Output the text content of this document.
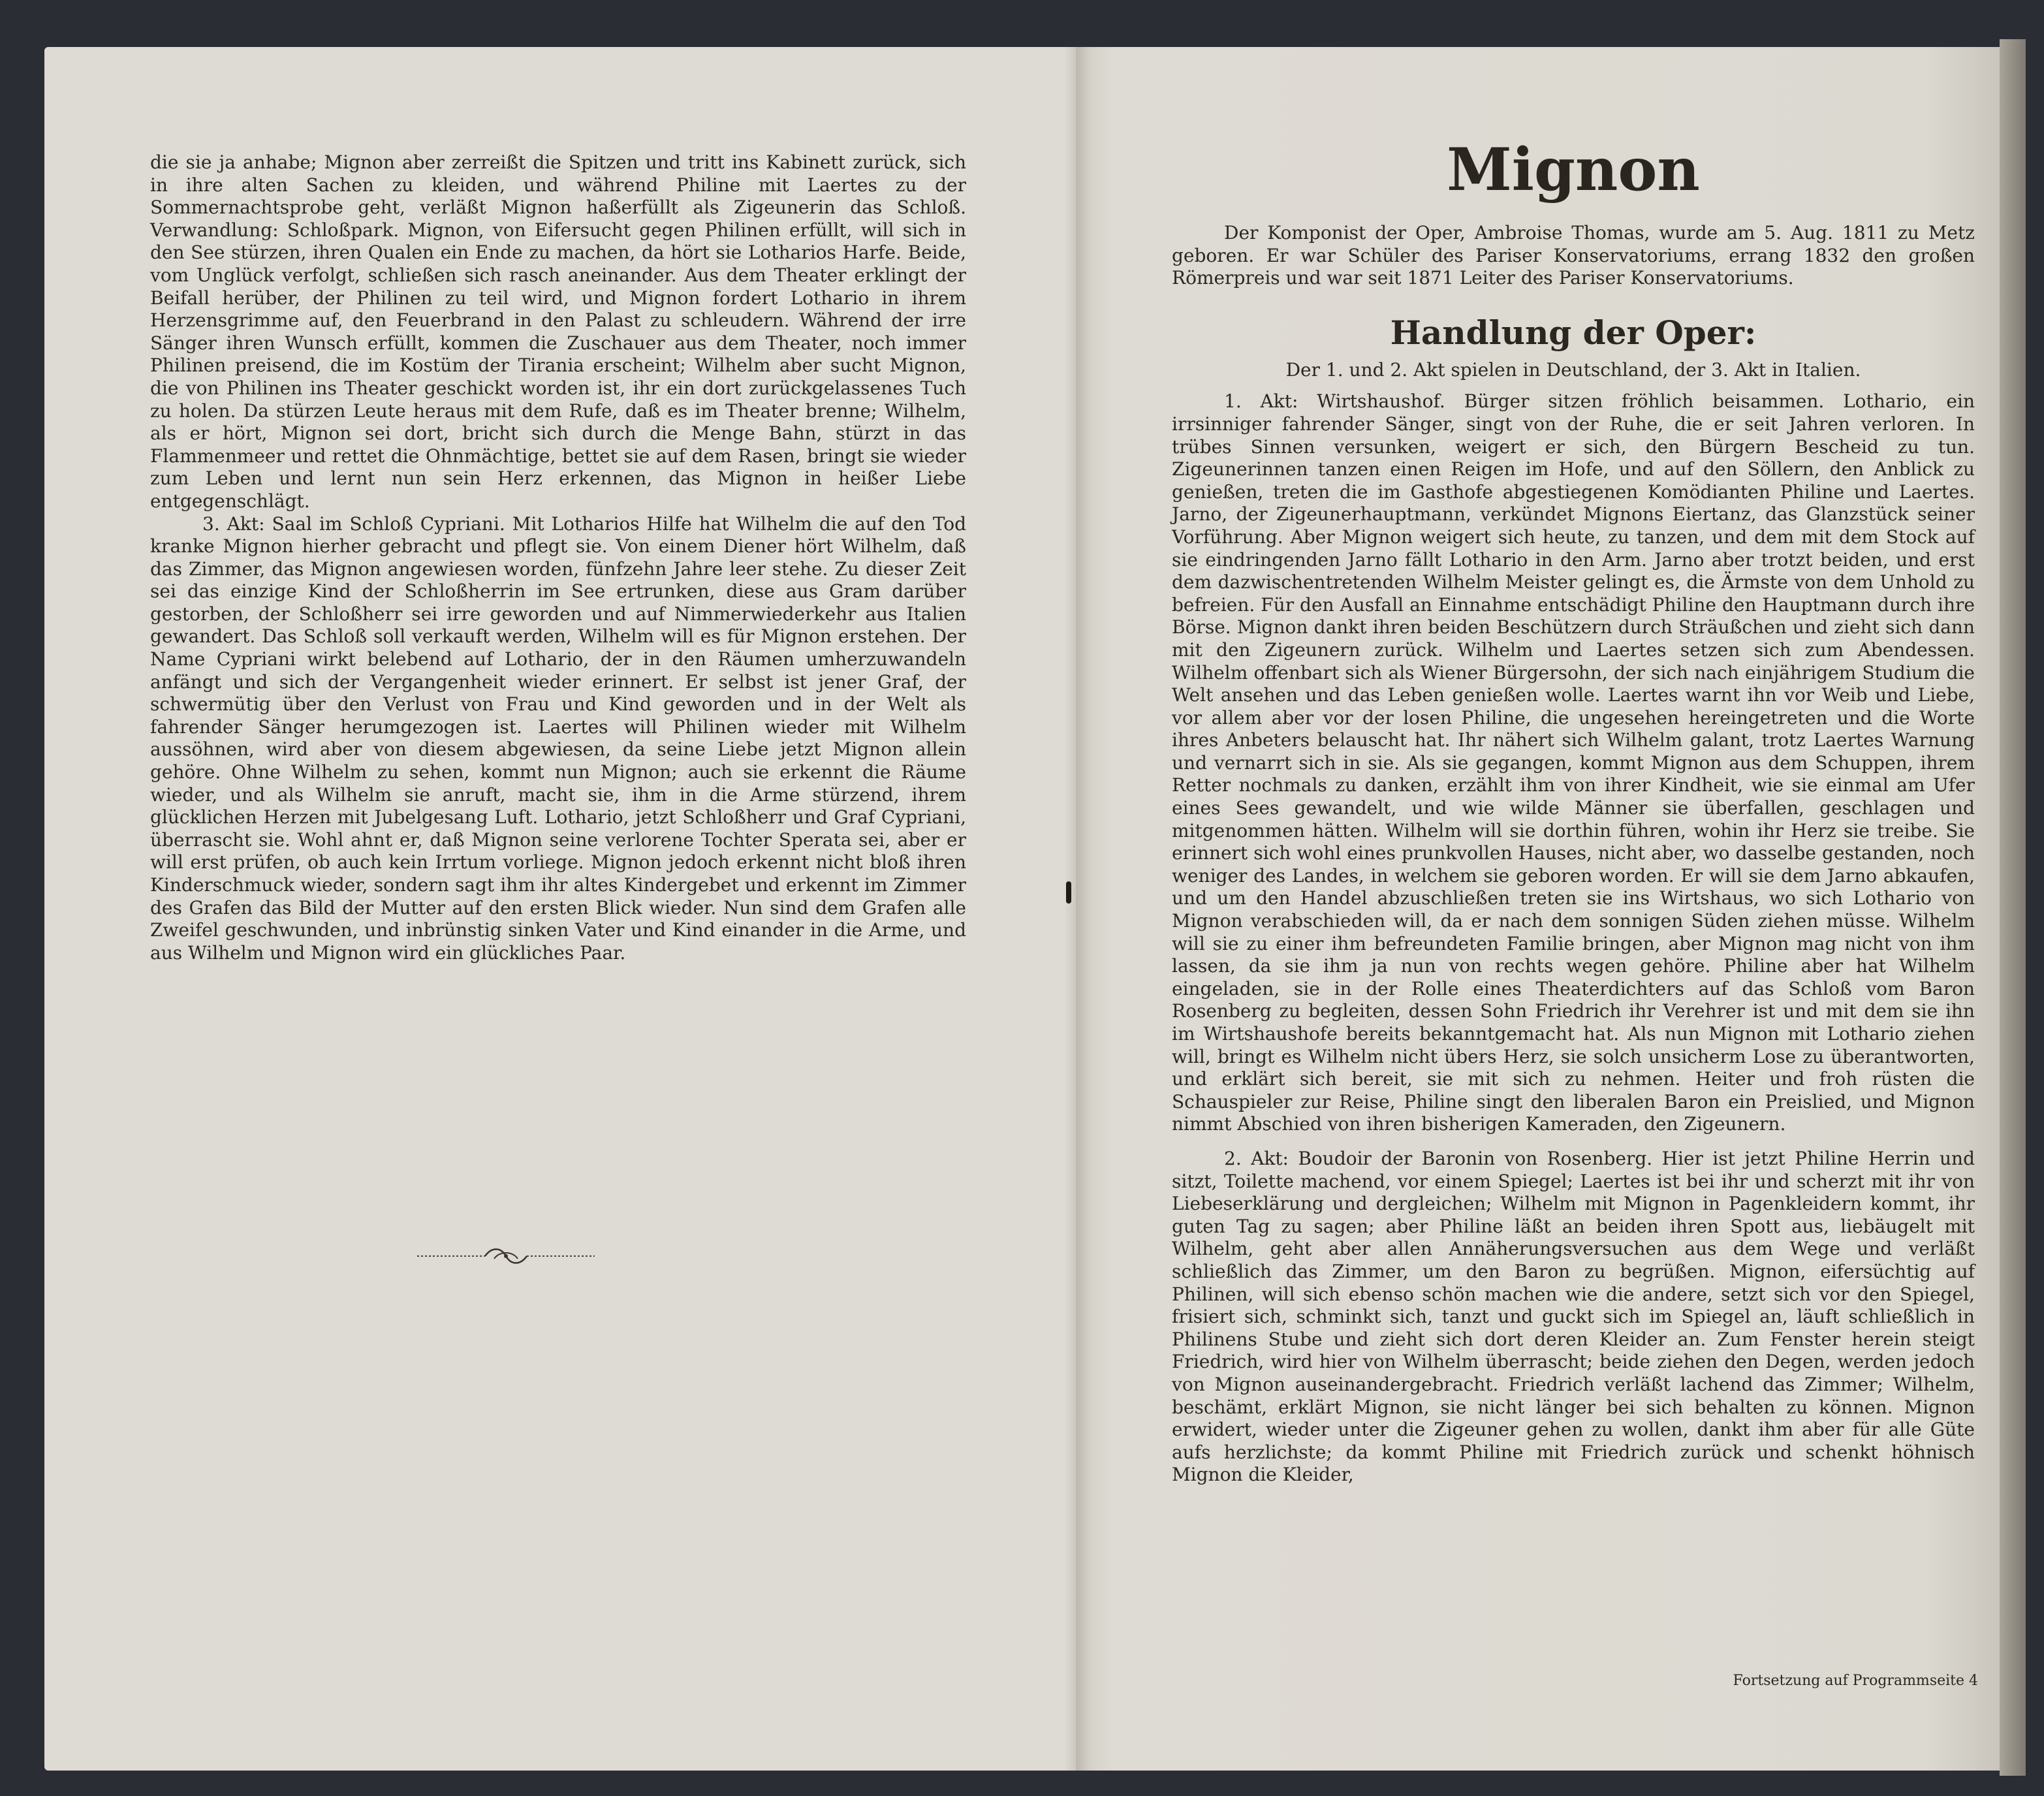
die sie ja anhabe; Mignon aber zerreißt die Spitzen und tritt ins Kabinett zurück, sich in ihre alten Sachen zu kleiden, und während Philine mit Laertes zu der Sommernachtsprobe geht, verläßt Mignon haßerfüllt als Zigeunerin das Schloß. Verwandlung: Schloßpark. Mignon, von Eifersucht gegen Philinen erfüllt, will sich in den See stürzen, ihren Qualen ein Ende zu machen, da hört sie Lotharios Harfe. Beide, vom Unglück verfolgt, schließen sich rasch aneinander. Aus dem Theater erklingt der Beifall herüber, der Philinen zu teil wird, und Mignon fordert Lothario in ihrem Herzensgrimme auf, den Feuerbrand in den Palast zu schleudern. Während der irre Sänger ihren Wunsch erfüllt, kommen die Zuschauer aus dem Theater, noch immer Philinen preisend, die im Kostüm der Tirania erscheint; Wilhelm aber sucht Mignon, die von Philinen ins Theater geschickt worden ist, ihr ein dort zurückgelassenes Tuch zu holen. Da stürzen Leute heraus mit dem Rufe, daß es im Theater brenne; Wilhelm, als er hört, Mignon sei dort, bricht sich durch die Menge Bahn, stürzt in das Flammenmeer und rettet die Ohnmächtige, bettet sie auf dem Rasen, bringt sie wieder zum Leben und lernt nun sein Herz erkennen, das Mignon in heißer Liebe entgegenschlägt.

3. Akt: Saal im Schloß Cypriani. Mit Lotharios Hilfe hat Wilhelm die auf den Tod kranke Mignon hierher gebracht und pflegt sie. Von einem Diener hört Wilhelm, daß das Zimmer, das Mignon angewiesen worden, fünfzehn Jahre leer stehe. Zu dieser Zeit sei das einzige Kind der Schloßherrin im See ertrunken, diese aus Gram darüber gestorben, der Schloßherr sei irre geworden und auf Nimmerwiederkehr aus Italien gewandert. Das Schloß soll verkauft werden, Wilhelm will es für Mignon erstehen. Der Name Cypriani wirkt belebend auf Lothario, der in den Räumen umherzuwandeln anfängt und sich der Vergangenheit wieder erinnert. Er selbst ist jener Graf, der schwermütig über den Verlust von Frau und Kind geworden und in der Welt als fahrender Sänger herumgezogen ist. Laertes will Philinen wieder mit Wilhelm aussöhnen, wird aber von diesem abgewiesen, da seine Liebe jetzt Mignon allein gehöre. Ohne Wilhelm zu sehen, kommt nun Mignon; auch sie erkennt die Räume wieder, und als Wilhelm sie anruft, macht sie, ihm in die Arme stürzend, ihrem glücklichen Herzen mit Jubelgesang Luft. Lothario, jetzt Schloßherr und Graf Cypriani, überrascht sie. Wohl ahnt er, daß Mignon seine verlorene Tochter Sperata sei, aber er will erst prüfen, ob auch kein Irrtum vorliege. Mignon jedoch erkennt nicht bloß ihren Kinderschmuck wieder, sondern sagt ihm ihr altes Kindergebet und erkennt im Zimmer des Grafen das Bild der Mutter auf den ersten Blick wieder. Nun sind dem Grafen alle Zweifel geschwunden, und inbrünstig sinken Vater und Kind einander in die Arme, und aus Wilhelm und Mignon wird ein glückliches Paar.

Mignon

Der Komponist der Oper, Ambroise Thomas, wurde am 5. Aug. 1811 zu Metz geboren. Er war Schüler des Pariser Konservatoriums, errang 1832 den großen Römerpreis und war seit 1871 Leiter des Pariser Konservatoriums.

Handlung der Oper:

Der 1. und 2. Akt spielen in Deutschland, der 3. Akt in Italien.

1. Akt: Wirtshaushof. Bürger sitzen fröhlich beisammen. Lothario, ein irrsinniger fahrender Sänger, singt von der Ruhe, die er seit Jahren verloren. In trübes Sinnen versunken, weigert er sich, den Bürgern Bescheid zu tun. Zigeunerinnen tanzen einen Reigen im Hofe, und auf den Söllern, den Anblick zu genießen, treten die im Gasthofe abgestiegenen Komödianten Philine und Laertes. Jarno, der Zigeunerhauptmann, verkündet Mignons Eiertanz, das Glanzstück seiner Vorführung. Aber Mignon weigert sich heute, zu tanzen, und dem mit dem Stock auf sie eindringenden Jarno fällt Lothario in den Arm. Jarno aber trotzt beiden, und erst dem dazwischentretenden Wilhelm Meister gelingt es, die Ärmste von dem Unhold zu befreien. Für den Ausfall an Einnahme entschädigt Philine den Hauptmann durch ihre Börse. Mignon dankt ihren beiden Beschützern durch Sträußchen und zieht sich dann mit den Zigeunern zurück. Wilhelm und Laertes setzen sich zum Abendessen. Wilhelm offenbart sich als Wiener Bürgersohn, der sich nach einjährigem Studium die Welt ansehen und das Leben genießen wolle. Laertes warnt ihn vor Weib und Liebe, vor allem aber vor der losen Philine, die ungesehen hereingetreten und die Worte ihres Anbeters belauscht hat. Ihr nähert sich Wilhelm galant, trotz Laertes Warnung und vernarrt sich in sie. Als sie gegangen, kommt Mignon aus dem Schuppen, ihrem Retter nochmals zu danken, erzählt ihm von ihrer Kindheit, wie sie einmal am Ufer eines Sees gewandelt, und wie wilde Männer sie überfallen, geschlagen und mitgenommen hätten. Wilhelm will sie dorthin führen, wohin ihr Herz sie treibe. Sie erinnert sich wohl eines prunkvollen Hauses, nicht aber, wo dasselbe gestanden, noch weniger des Landes, in welchem sie geboren worden. Er will sie dem Jarno abkaufen, und um den Handel abzuschließen treten sie ins Wirtshaus, wo sich Lothario von Mignon verabschieden will, da er nach dem sonnigen Süden ziehen müsse. Wilhelm will sie zu einer ihm befreundeten Familie bringen, aber Mignon mag nicht von ihm lassen, da sie ihm ja nun von rechts wegen gehöre. Philine aber hat Wilhelm eingeladen, sie in der Rolle eines Theaterdichters auf das Schloß vom Baron Rosenberg zu begleiten, dessen Sohn Friedrich ihr Verehrer ist und mit dem sie ihn im Wirtshaushofe bereits bekanntgemacht hat. Als nun Mignon mit Lothario ziehen will, bringt es Wilhelm nicht übers Herz, sie solch unsicherm Lose zu überantworten, und erklärt sich bereit, sie mit sich zu nehmen. Heiter und froh rüsten die Schauspieler zur Reise, Philine singt den liberalen Baron ein Preislied, und Mignon nimmt Abschied von ihren bisherigen Kameraden, den Zigeunern.

2. Akt: Boudoir der Baronin von Rosenberg. Hier ist jetzt Philine Herrin und sitzt, Toilette machend, vor einem Spiegel; Laertes ist bei ihr und scherzt mit ihr von Liebeserklärung und dergleichen; Wilhelm mit Mignon in Pagenkleidern kommt, ihr guten Tag zu sagen; aber Philine läßt an beiden ihren Spott aus, liebäugelt mit Wilhelm, geht aber allen Annäherungsversuchen aus dem Wege und verläßt schließlich das Zimmer, um den Baron zu begrüßen. Mignon, eifersüchtig auf Philinen, will sich ebenso schön machen wie die andere, setzt sich vor den Spiegel, frisiert sich, schminkt sich, tanzt und guckt sich im Spiegel an, läuft schließlich in Philinens Stube und zieht sich dort deren Kleider an. Zum Fenster herein steigt Friedrich, wird hier von Wilhelm überrascht; beide ziehen den Degen, werden jedoch von Mignon auseinandergebracht. Friedrich verläßt lachend das Zimmer; Wilhelm, beschämt, erklärt Mignon, sie nicht länger bei sich behalten zu können. Mignon erwidert, wieder unter die Zigeuner gehen zu wollen, dankt ihm aber für alle Güte aufs herzlichste; da kommt Philine mit Friedrich zurück und schenkt höhnisch Mignon die Kleider,

Fortsetzung auf Programmseite 4
